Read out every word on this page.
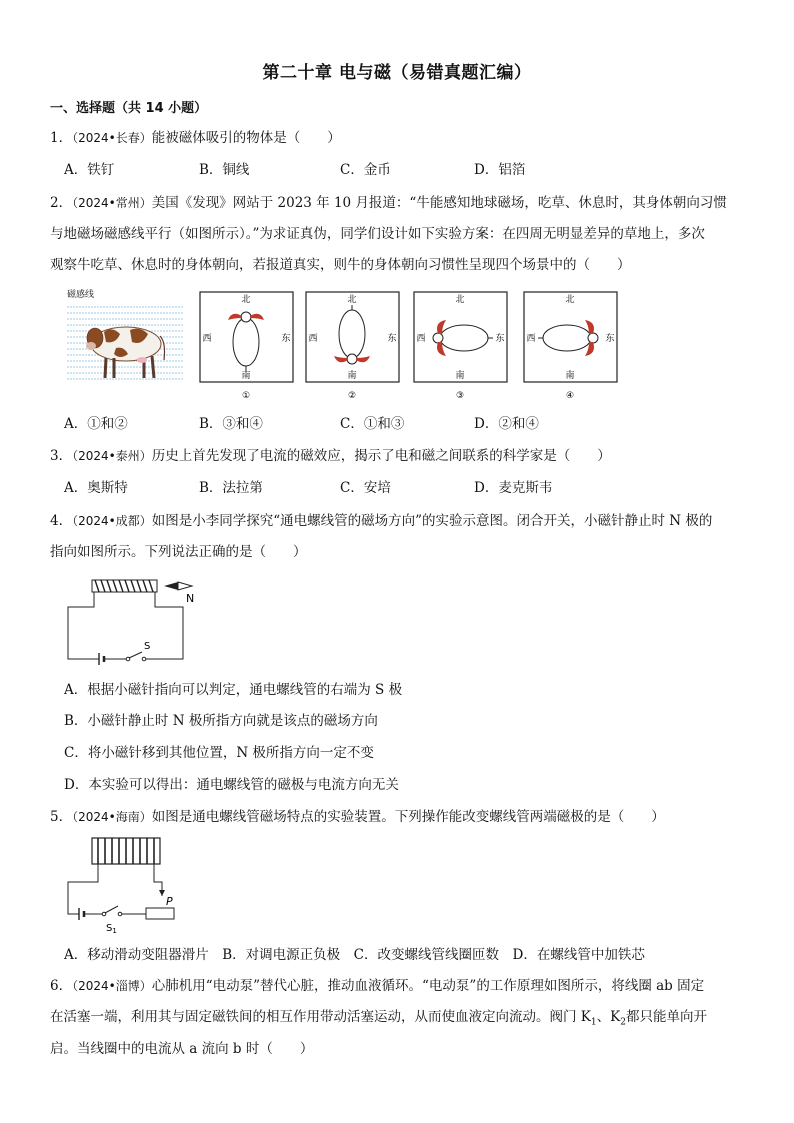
第二十章 电与磁（易错真题汇编）
一、选择题（共 14 小题）
1．（2024•长春）能被磁体吸引的物体是（　　）
A．铁钉	B．铜线	C．金币	D．铝箔
2．（2024•常州）美国《发现》网站于 2023 年 10 月报道：“牛能感知地球磁场，吃草、休息时，其身体朝向习惯
与地磁场磁感线平行（如图所示）。”为求证真伪，同学们设计如下实验方案：在四周无明显差异的草地上，多次
观察牛吃草、休息时的身体朝向，若报道真实，则牛的身体朝向习惯性呈现四个场景中的（　　）
磁感线	北
南
西	东
①
北
南
西	东
②
北
南
西	东
③
北
南
西	东
④
A．①和②	B．③和④	C．①和③	D．②和④
3．（2024•泰州）历史上首先发现了电流的磁效应，揭示了电和磁之间联系的科学家是（　　）
A．奥斯特	B．法拉第	C．安培	D．麦克斯韦
4．（2024•成都）如图是小李同学探究“通电螺线管的磁场方向”的实验示意图。闭合开关，小磁针静止时 N 极的
指向如图所示。下列说法正确的是（　　）
N
S
A．根据小磁针指向可以判定，通电螺线管的右端为 S 极
B．小磁针静止时 N 极所指方向就是该点的磁场方向
C．将小磁针移到其他位置，N 极所指方向一定不变
D．本实验可以得出：通电螺线管的磁极与电流方向无关
5．（2024•海南）如图是通电螺线管磁场特点的实验装置。下列操作能改变螺线管两端磁极的是（　　）
$S_1$
P
A．移动滑动变阻器滑片  B．对调电源正负极  C．改变螺线管线圈匝数  D．在螺线管中加铁芯
6．（2024•淄博）心肺机用“电动泵”替代心脏，推动血液循环。“电动泵”的工作原理如图所示，将线圈 ab 固定
在活塞一端，利用其与固定磁铁间的相互作用带动活塞运动，从而使血液定向流动。阀门 $K_1$、$K_2$都只能单向开
启。当线圈中的电流从 a 流向 b 时（　　）
